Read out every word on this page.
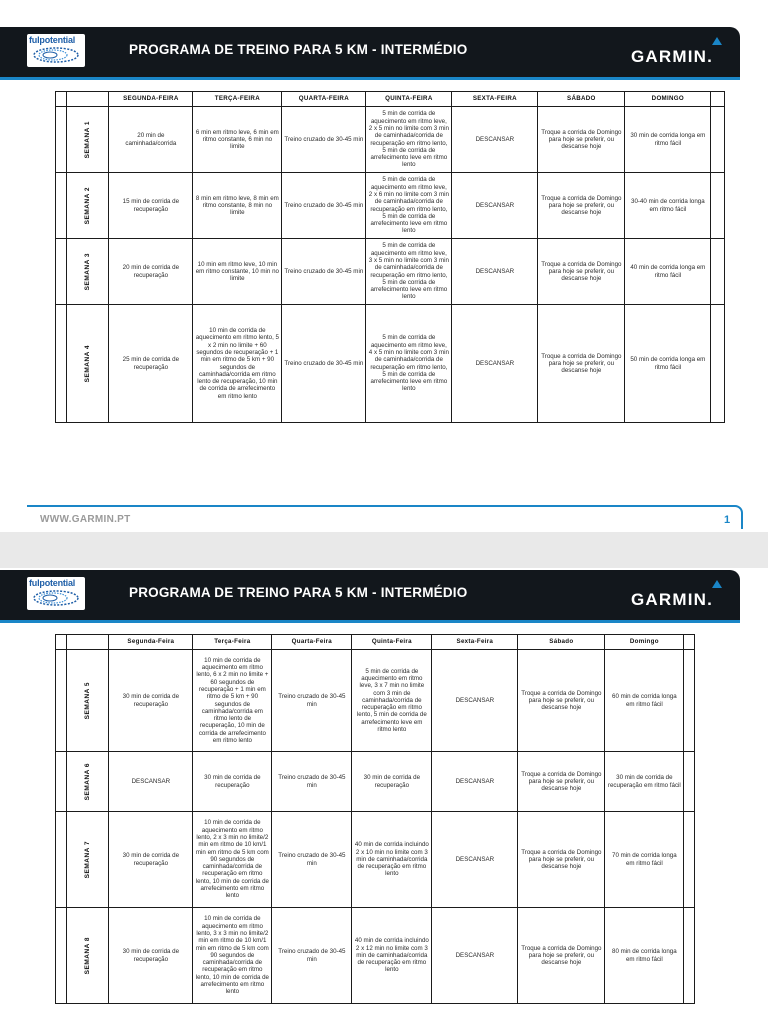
fulpotential
PROGRAMA DE TREINO PARA 5 KM - INTERMÉDIO	GARMIN.
		SEGUNDA-FEIRA	TERÇA-FEIRA	QUARTA-FEIRA	QUINTA-FEIRA	SEXTA-FEIRA	SÁBADO	DOMINGO	
	SEMANA 1	20 min de caminhada/corrida	6 min em ritmo leve, 6 min em ritmo constante, 6 min no limite	Treino cruzado de 30-45 min	5 min de corrida de aquecimento em ritmo leve, 2 x 5 min no limite com 3 min de caminhada/corrida de recuperação em ritmo lento, 5 min de corrida de arrefecimento leve em ritmo lento	DESCANSAR	Troque a corrida de Domingo para hoje se preferir, ou descanse hoje	30 min de corrida longa em ritmo fácil	
	SEMANA 2	15 min de corrida de recuperação	8 min em ritmo leve, 8 min em ritmo constante, 8 min no limite	Treino cruzado de 30-45 min	5 min de corrida de aquecimento em ritmo leve, 2 x 6 min no limite com 3 min de caminhada/corrida de recuperação em ritmo lento, 5 min de corrida de arrefecimento leve em ritmo lento	DESCANSAR	Troque a corrida de Domingo para hoje se preferir, ou descanse hoje	30-40 min de corrida longa em ritmo fácil	
	SEMANA 3	20 min de corrida de recuperação	10 min em ritmo leve, 10 min em ritmo constante, 10 min no limite	Treino cruzado de 30-45 min	5 min de corrida de aquecimento em ritmo leve, 3 x 5 min no limite com 3 min de caminhada/corrida de recuperação em ritmo lento, 5 min de corrida de arrefecimento leve em ritmo lento	DESCANSAR	Troque a corrida de Domingo para hoje se preferir, ou descanse hoje	40 min de corrida longa em ritmo fácil	
	SEMANA 4	25 min de corrida de recuperação	10 min de corrida de aquecimento em ritmo lento, 5 x 2 min no limite + 60 segundos de recuperação + 1 min em ritmo de 5 km + 90 segundos de caminhada/corrida em ritmo lento de recuperação, 10 min de corrida de arrefecimento em ritmo lento	Treino cruzado de 30-45 min	5 min de corrida de aquecimento em ritmo leve, 4 x 5 min no limite com 3 min de caminhada/corrida de recuperação em ritmo lento, 5 min de corrida de arrefecimento leve em ritmo lento	DESCANSAR	Troque a corrida de Domingo para hoje se preferir, ou descanse hoje	50 min de corrida longa em ritmo fácil	
WWW.GARMIN.PT	1
fulpotential
PROGRAMA DE TREINO PARA 5 KM - INTERMÉDIO	GARMIN.
		Segunda-Feira	Terça-Feira	Quarta-Feira	Quinta-Feira	Sexta-Feira	Sábado	Domingo	
	SEMANA 5	30 min de corrida de recuperação	10 min de corrida de aquecimento em ritmo lento, 6 x 2 min no limite + 60 segundos de recuperação + 1 min em ritmo de 5 km + 90 segundos de caminhada/corrida em ritmo lento de recuperação, 10 min de corrida de arrefecimento em ritmo lento	Treino cruzado de 30-45 min	5 min de corrida de aquecimento em ritmo leve, 3 x 7 min no limite com 3 min de caminhada/corrida de recuperação em ritmo lento, 5 min de corrida de arrefecimento leve em ritmo lento	DESCANSAR	Troque a corrida de Domingo para hoje se preferir, ou descanse hoje	60 min de corrida longa em ritmo fácil	
	SEMANA 6	DESCANSAR	30 min de corrida de recuperação	Treino cruzado de 30-45 min	30 min de corrida de recuperação	DESCANSAR	Troque a corrida de Domingo para hoje se preferir, ou descanse hoje	30 min de corrida de recuperação em ritmo fácil	
	SEMANA 7	30 min de corrida de recuperação	10 min de corrida de aquecimento em ritmo lento, 2 x 3 min no limite/2 min em ritmo de 10 km/1 min em ritmo de 5 km com 90 segundos de caminhada/corrida de recuperação em ritmo lento, 10 min de corrida de arrefecimento em ritmo lento	Treino cruzado de 30-45 min	40 min de corrida incluindo 2 x 10 min no limite com 3 min de caminhada/corrida de recuperação em ritmo lento	DESCANSAR	Troque a corrida de Domingo para hoje se preferir, ou descanse hoje	70 min de corrida longa em ritmo fácil	
	SEMANA 8	30 min de corrida de recuperação	10 min de corrida de aquecimento em ritmo lento, 3 x 3 min no limite/2 min em ritmo de 10 km/1 min em ritmo de 5 km com 90 segundos de caminhada/corrida de recuperação em ritmo lento, 10 min de corrida de arrefecimento em ritmo lento	Treino cruzado de 30-45 min	40 min de corrida incluindo 2 x 12 min no limite com 3 min de caminhada/corrida de recuperação em ritmo lento	DESCANSAR	Troque a corrida de Domingo para hoje se preferir, ou descanse hoje	80 min de corrida longa em ritmo fácil	
